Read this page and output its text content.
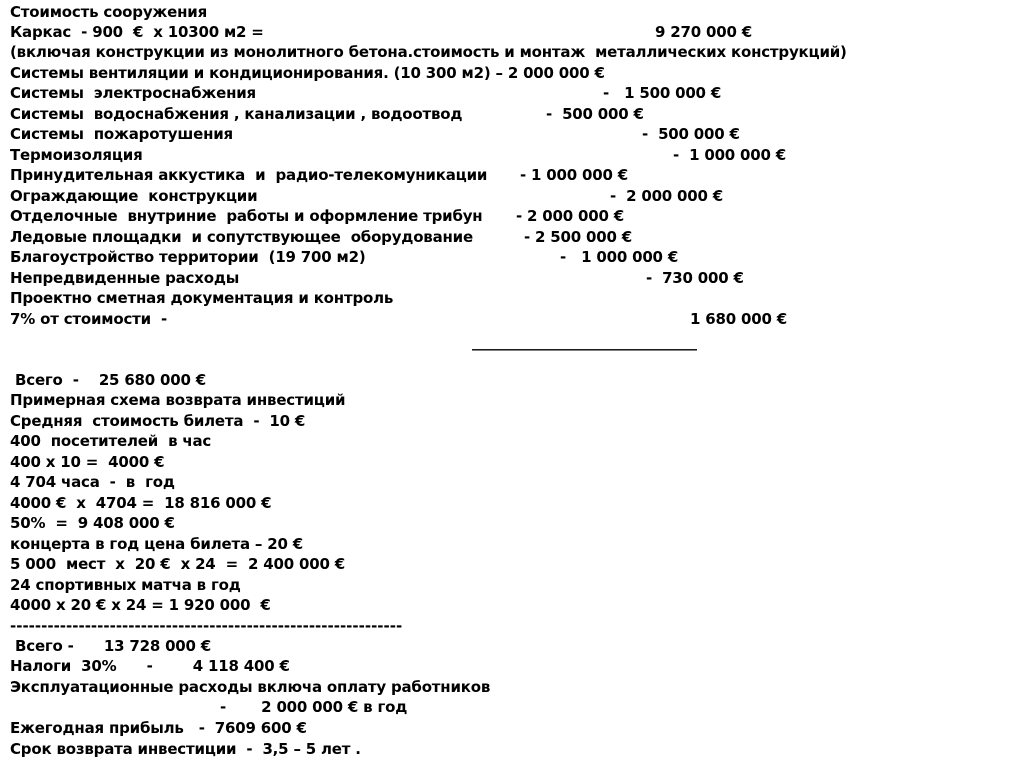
Стоимость сооружения
Каркас  - 900  €  x 10300 м2 =
(включая конструкции из монолитного бетона.стоимость и монтаж  металлических конструкций)
Системы вентиляции и кондиционирования. (10 300 м2) – 2 000 000 €
Системы  электроснабжения
Системы  водоснабжения , канализации , водоотвод
Системы  пожаротушения
Термоизоляция
Принудительная аккустика  и  радио-телекомуникации
Ограждающие  конструкции
Отделочные  внутриние  работы и оформление трибун
Ледовые площадки  и сопутствующее  оборудование
Благоустройство территории  (19 700 м2)
Непредвиденные расходы
Проектно сметная документация и контроль
7% от стоимости  -
9 270 000 €
-   1 500 000 €
-  500 000 €
-  500 000 €
-  1 000 000 €
- 1 000 000 €
-  2 000 000 €
- 2 000 000 €
- 2 500 000 €
-   1 000 000 €
-  730 000 €
1 680 000 €
______________________________
Всего  -    25 680 000 €
Примерная схема возврата инвестиций
Средняя  стоимость билета  -  10 €
400  посетителей  в час
400 x 10 =  4000 €
4 704 часа  -  в  год
4000 €  x  4704 =  18 816 000 €
50%  =  9 408 000 €
концерта в год цена билета – 20 €
5 000  мест  x  20 €  x 24  =  2 400 000 €
24 спортивных матча в год
4000 x 20 € x 24 = 1 920 000  €
---------------------------------------------------------------
Всего -      13 728 000 €
Налоги  30%      -        4 118 400 €
Эксплуатационные расходы включа оплату работников
-       2 000 000 € в год
Ежегодная прибыль   -  7609 600 €
Срок возврата инвестиции  -  3,5 – 5 лет .
